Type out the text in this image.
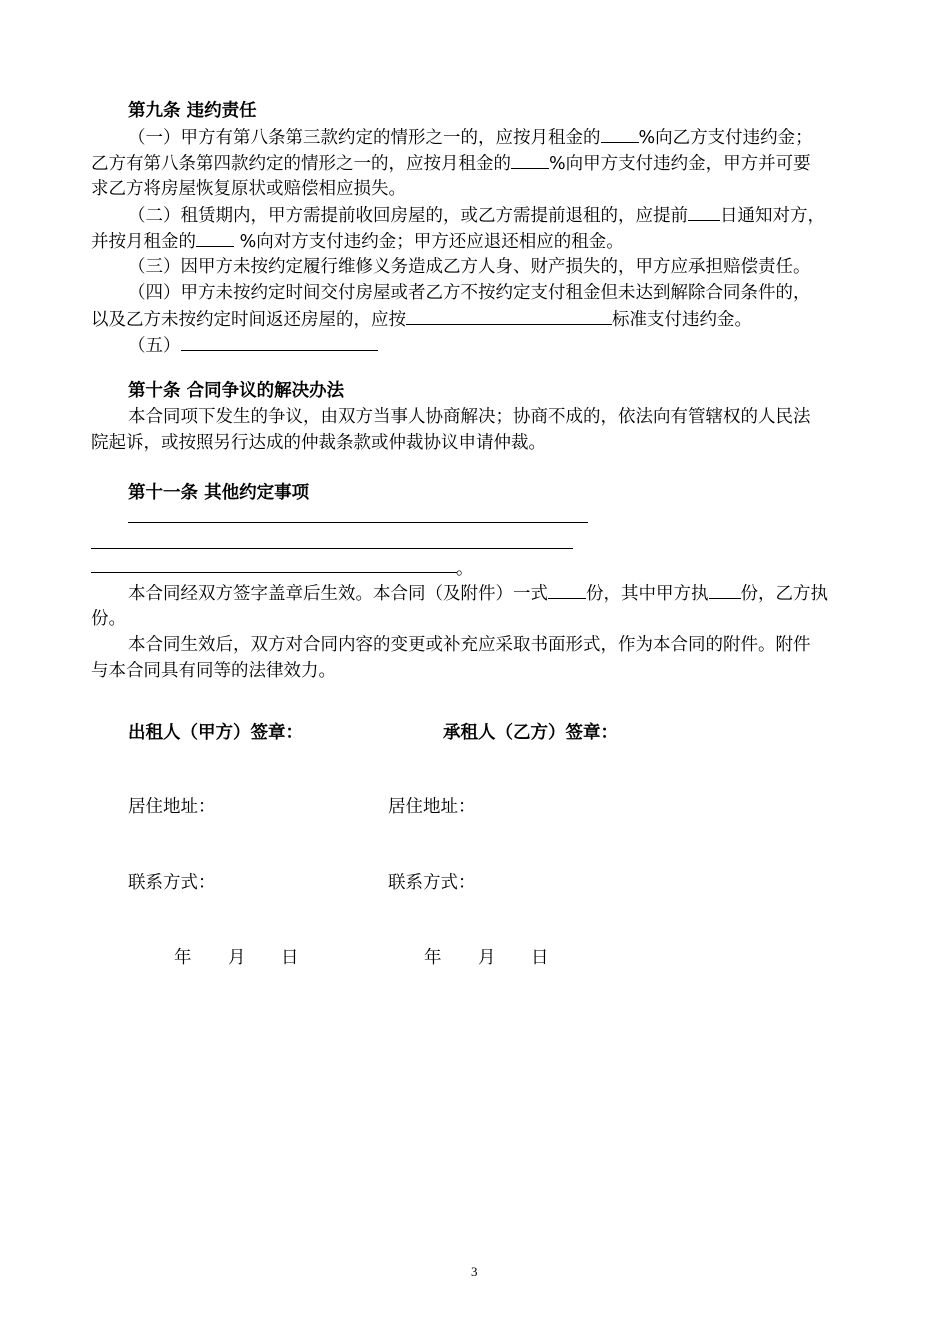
第九条 违约责任
（一）甲方有第八条第三款约定的情形之一的，应按月租金的 %向乙方支付违约金；
乙方有第八条第四款约定的情形之一的，应按月租金的 %向甲方支付违约金，甲方并可要
求乙方将房屋恢复原状或赔偿相应损失。
（二）租赁期内，甲方需提前收回房屋的，或乙方需提前退租的，应提前 日通知对方，
并按月租金的 %向对方支付违约金；甲方还应退还相应的租金。
（三）因甲方未按约定履行维修义务造成乙方人身、财产损失的，甲方应承担赔偿责任。
（四）甲方未按约定时间交付房屋或者乙方不按约定支付租金但未达到解除合同条件的，
以及乙方未按约定时间返还房屋的，应按	标准支付违约金。
（五）
第十条 合同争议的解决办法
本合同项下发生的争议，由双方当事人协商解决；协商不成的，依法向有管辖权的人民法
院起诉，或按照另行达成的仲裁条款或仲裁协议申请仲裁。
第十一条 其他约定事项
。
本合同经双方签字盖章后生效。本合同（及附件）一式 份，其中甲方执 份，乙方执
份。
本合同生效后，双方对合同内容的变更或补充应采取书面形式，作为本合同的附件。附件
与本合同具有同等的法律效力。
出租人（甲方）签章：	承租人（乙方）签章：
居住地址：	居住地址：
联系方式：	联系方式：
年 月 日	年 月 日
3
